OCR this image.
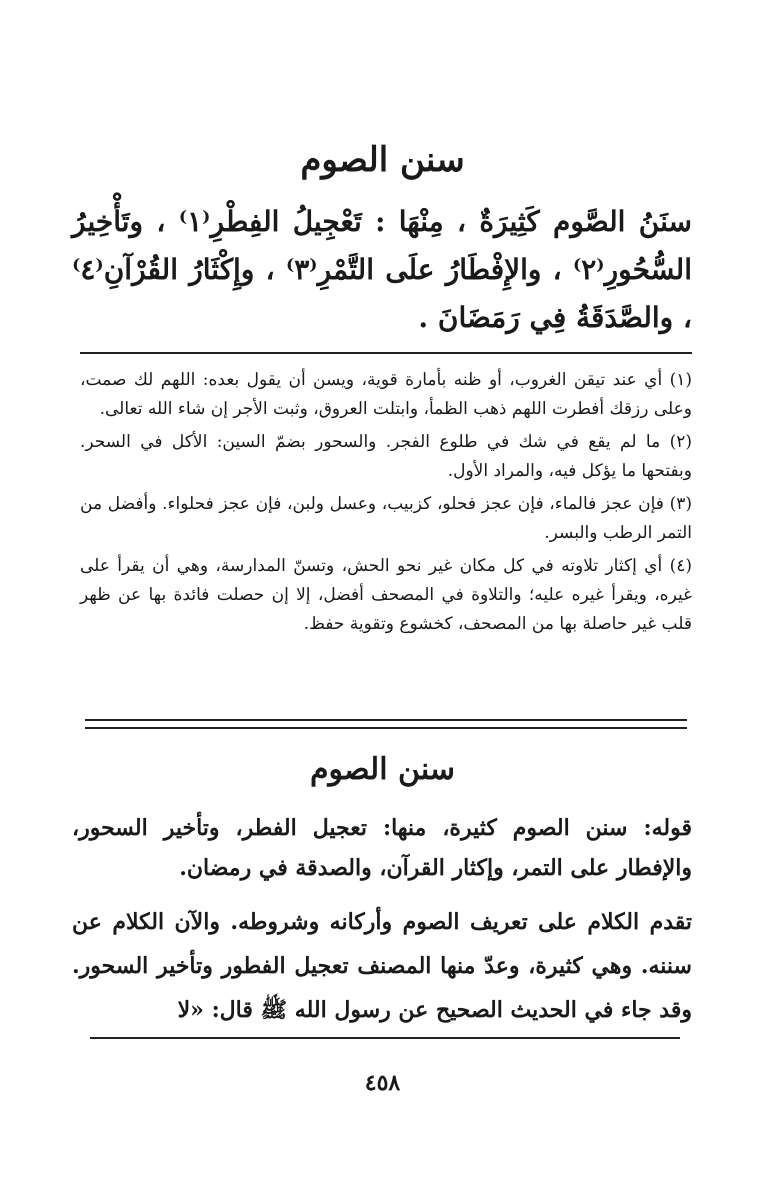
سنن الصوم
سنَنُ الصَّوم كَثِيرَةٌ ، مِنْهَا : تَعْجِيلُ الفِطْرِ⁽١⁾ ، وتَأْخِيرُ السُّحُورِ⁽٢⁾ ، والإِفْطَارُ علَى التَّمْرِ⁽٣⁾ ، وإِكْثَارُ القُرْآنِ⁽٤⁾ ، والصَّدَقَةُ فِي رَمَضَانَ .

(١) أي عند تيقن الغروب، أو ظنه بأمارة قوية، ويسن أن يقول بعده: اللهم لك صمت، وعلى رزقك أفطرت اللهم ذهب الظمأ، وابتلت العروق، وثبت الأجر إن شاء الله تعالى.

(٢) ما لم يقع في شك في طلوع الفجر. والسحور بضمّ السين: الأكل في السحر. وبفتحها ما يؤكل فيه، والمراد الأول.

(٣) فإن عجز فالماء، فإن عجز فحلو، كزبيب، وعسل ولبن، فإن عجز فحلواء. وأفضل من التمر الرطب والبسر.

(٤) أي إكثار تلاوته في كل مكان غير نحو الحش، وتسنّ المدارسة، وهي أن يقرأ على غيره، ويقرأ غيره عليه؛ والتلاوة في المصحف أفضل، إلا إن حصلت فائدة بها عن ظهر قلب غير حاصلة بها من المصحف، كخشوع وتقوية حفظ.

سنن الصوم
قوله: سنن الصوم كثيرة، منها: تعجيل الفطر، وتأخير السحور، والإفطار على التمر، وإكثار القرآن، والصدقة في رمضان.
تقدم الكلام على تعريف الصوم وأركانه وشروطه. والآن الكلام عن سننه. وهي كثيرة، وعدّ منها المصنف تعجيل الفطور وتأخير السحور. وقد جاء في الحديث الصحيح عن رسول الله ﷺ قال: «لا
٤٥٨
